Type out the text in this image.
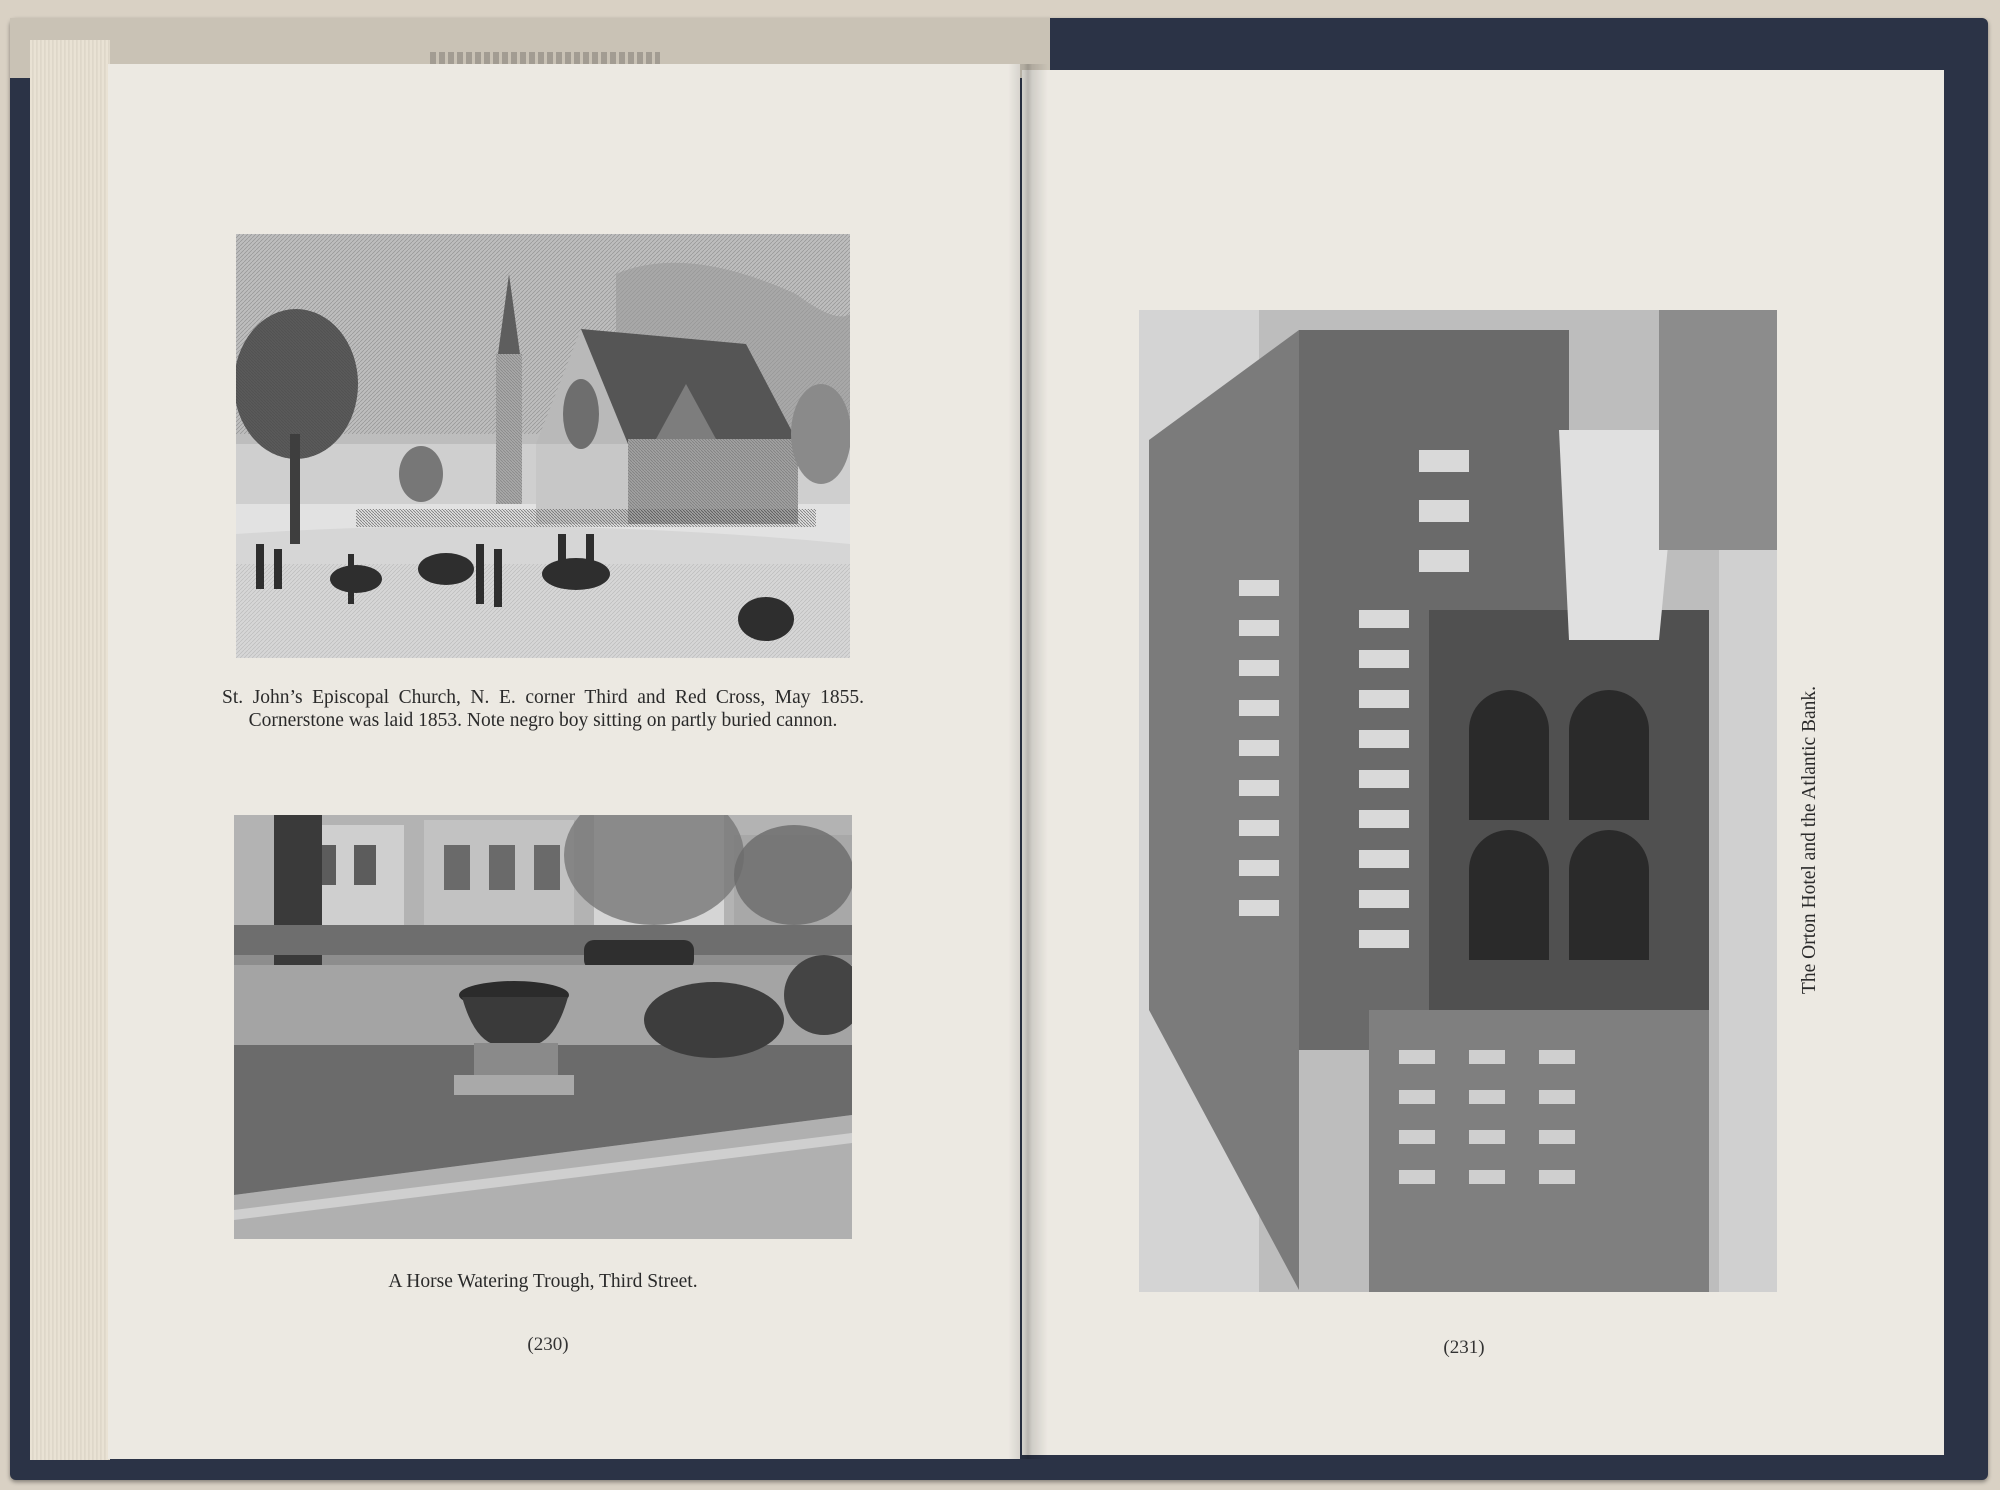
St. John’s Episcopal Church, N. E. corner Third and Red Cross, May 1855. Cornerstone was laid 1853. Note negro boy sitting on partly buried cannon.
A Horse Watering Trough, Third Street.
(230)
The Orton Hotel and the Atlantic Bank.
(231)
